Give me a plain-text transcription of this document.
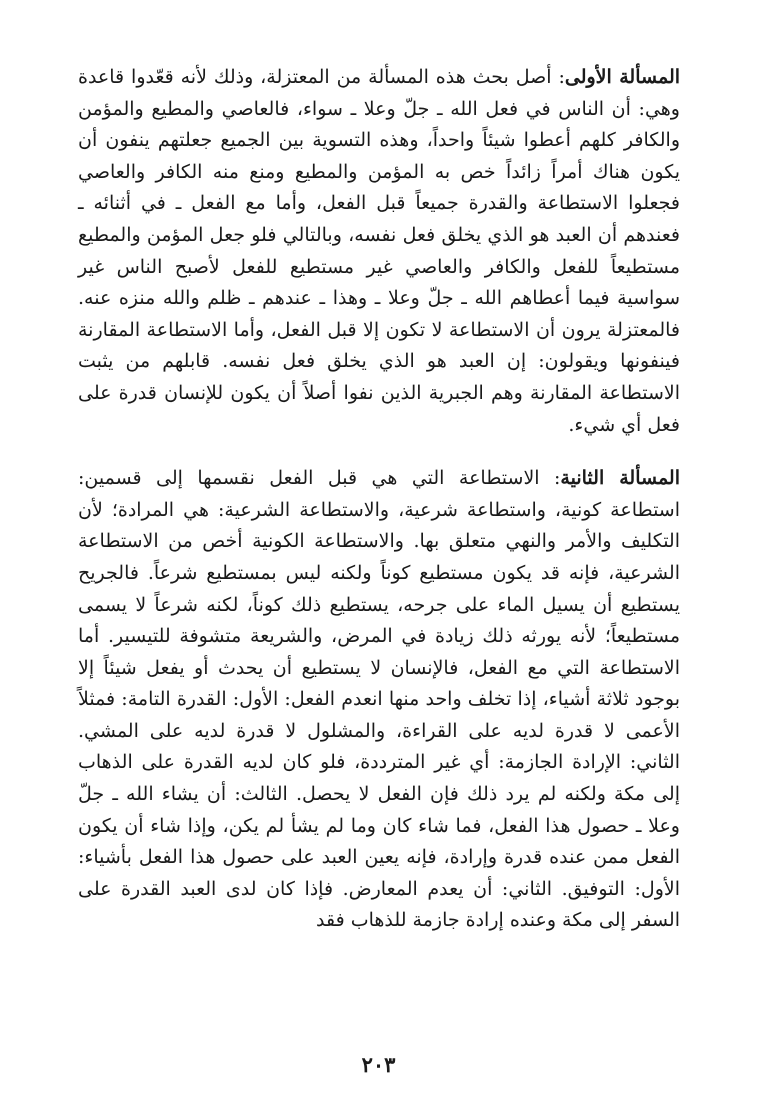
المسألة الأولى: أصل بحث هذه المسألة من المعتزلة، وذلك لأنه قعّدوا قاعدة وهي: أن الناس في فعل الله ـ جلّ وعلا ـ سواء، فالعاصي والمطيع والمؤمن والكافر كلهم أعطوا شيئاً واحداً، وهذه التسوية بين الجميع جعلتهم ينفون أن يكون هناك أمراً زائداً خص به المؤمن والمطيع ومنع منه الكافر والعاصي فجعلوا الاستطاعة والقدرة جميعاً قبل الفعل، وأما مع الفعل ـ في أثنائه ـ فعندهم أن العبد هو الذي يخلق فعل نفسه، وبالتالي فلو جعل المؤمن والمطيع مستطيعاً للفعل والكافر والعاصي غير مستطيع للفعل لأصبح الناس غير سواسية فيما أعطاهم الله ـ جلّ وعلا ـ وهذا ـ عندهم ـ ظلم والله منزه عنه. فالمعتزلة يرون أن الاستطاعة لا تكون إلا قبل الفعل، وأما الاستطاعة المقارنة فينفونها ويقولون: إن العبد هو الذي يخلق فعل نفسه. قابلهم من يثبت الاستطاعة المقارنة وهم الجبرية الذين نفوا أصلاً أن يكون للإنسان قدرة على فعل أي شيء.

المسألة الثانية: الاستطاعة التي هي قبل الفعل نقسمها إلى قسمين: استطاعة كونية، واستطاعة شرعية، والاستطاعة الشرعية: هي المرادة؛ لأن التكليف والأمر والنهي متعلق بها. والاستطاعة الكونية أخص من الاستطاعة الشرعية، فإنه قد يكون مستطيع كوناً ولكنه ليس بمستطيع شرعاً. فالجريح يستطيع أن يسيل الماء على جرحه، يستطيع ذلك كوناً، لكنه شرعاً لا يسمى مستطيعاً؛ لأنه يورثه ذلك زيادة في المرض، والشريعة متشوفة للتيسير. أما الاستطاعة التي مع الفعل، فالإنسان لا يستطيع أن يحدث أو يفعل شيئاً إلا بوجود ثلاثة أشياء، إذا تخلف واحد منها انعدم الفعل: الأول: القدرة التامة: فمثلاً الأعمى لا قدرة لديه على القراءة، والمشلول لا قدرة لديه على المشي. الثاني: الإرادة الجازمة: أي غير المترددة، فلو كان لديه القدرة على الذهاب إلى مكة ولكنه لم يرد ذلك فإن الفعل لا يحصل. الثالث: أن يشاء الله ـ جلّ وعلا ـ حصول هذا الفعل، فما شاء كان وما لم يشأ لم يكن، وإذا شاء أن يكون الفعل ممن عنده قدرة وإرادة، فإنه يعين العبد على حصول هذا الفعل بأشياء: الأول: التوفيق. الثاني: أن يعدم المعارض. فإذا كان لدى العبد القدرة على السفر إلى مكة وعنده إرادة جازمة للذهاب فقد

٢٠٣
